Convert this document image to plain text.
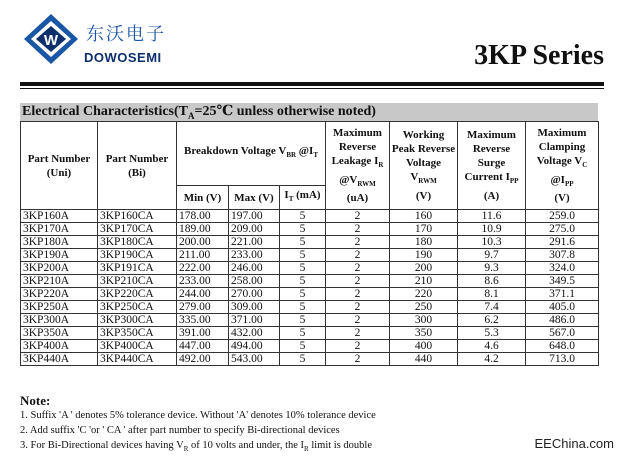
W 东沃电子
DOWOSEMI	3KP Series
Electrical $Characteristics(T_A=25℃$ unless otherwise noted)
Part Number (Uni)	Part Number (Bi)	Breakdown Voltage $V_{BR}$ $@I_T$			Maximum
Reverse
Leakage $I_R$
$@V_{RWM}$
(uA)	Working
Peak Reverse
Voltage
$V_{RWM}$
(V)	Maximum
Reverse
Surge
Current $I_{PP}$
(A)	Maximum
Clamping
Voltage $V_C$
$@I_{PP}$
(V)
		Min (V)	Max (V)	$I_T$ (mA)				
3KP160A	3KP160CA	178.00	197.00	5	2	160	11.6	259.0
3KP170A	3KP170CA	189.00	209.00	5	2	170	10.9	275.0
3KP180A	3KP180CA	200.00	221.00	5	2	180	10.3	291.6
3KP190A	3KP190CA	211.00	233.00	5	2	190	9.7	307.8
3KP200A	3KP191CA	222.00	246.00	5	2	200	9.3	324.0
3KP210A	3KP210CA	233.00	258.00	5	2	210	8.6	349.5
3KP220A	3KP220CA	244.00	270.00	5	2	220	8.1	371.1
3KP250A	3KP250CA	279.00	309.00	5	2	250	7.4	405.0
3KP300A	3KP300CA	335.00	371.00	5	2	300	6.2	486.0
3KP350A	3KP350CA	391.00	432.00	5	2	350	5.3	567.0
3KP400A	3KP400CA	447.00	494.00	5	2	400	4.6	648.0
3KP440A	3KP440CA	492.00	543.00	5	2	440	4.2	713.0
Note:
1. Suffix 'A ' denotes 5% tolerance device. Without 'A' denotes 10% tolerance device
2. Add suffix 'C 'or ' CA ' after part number to specify Bi-directional devices
3. For Bi-Directional devices having $V_R$ of 10 volts and under, the $I_R$ limit is double	EEChina.com
